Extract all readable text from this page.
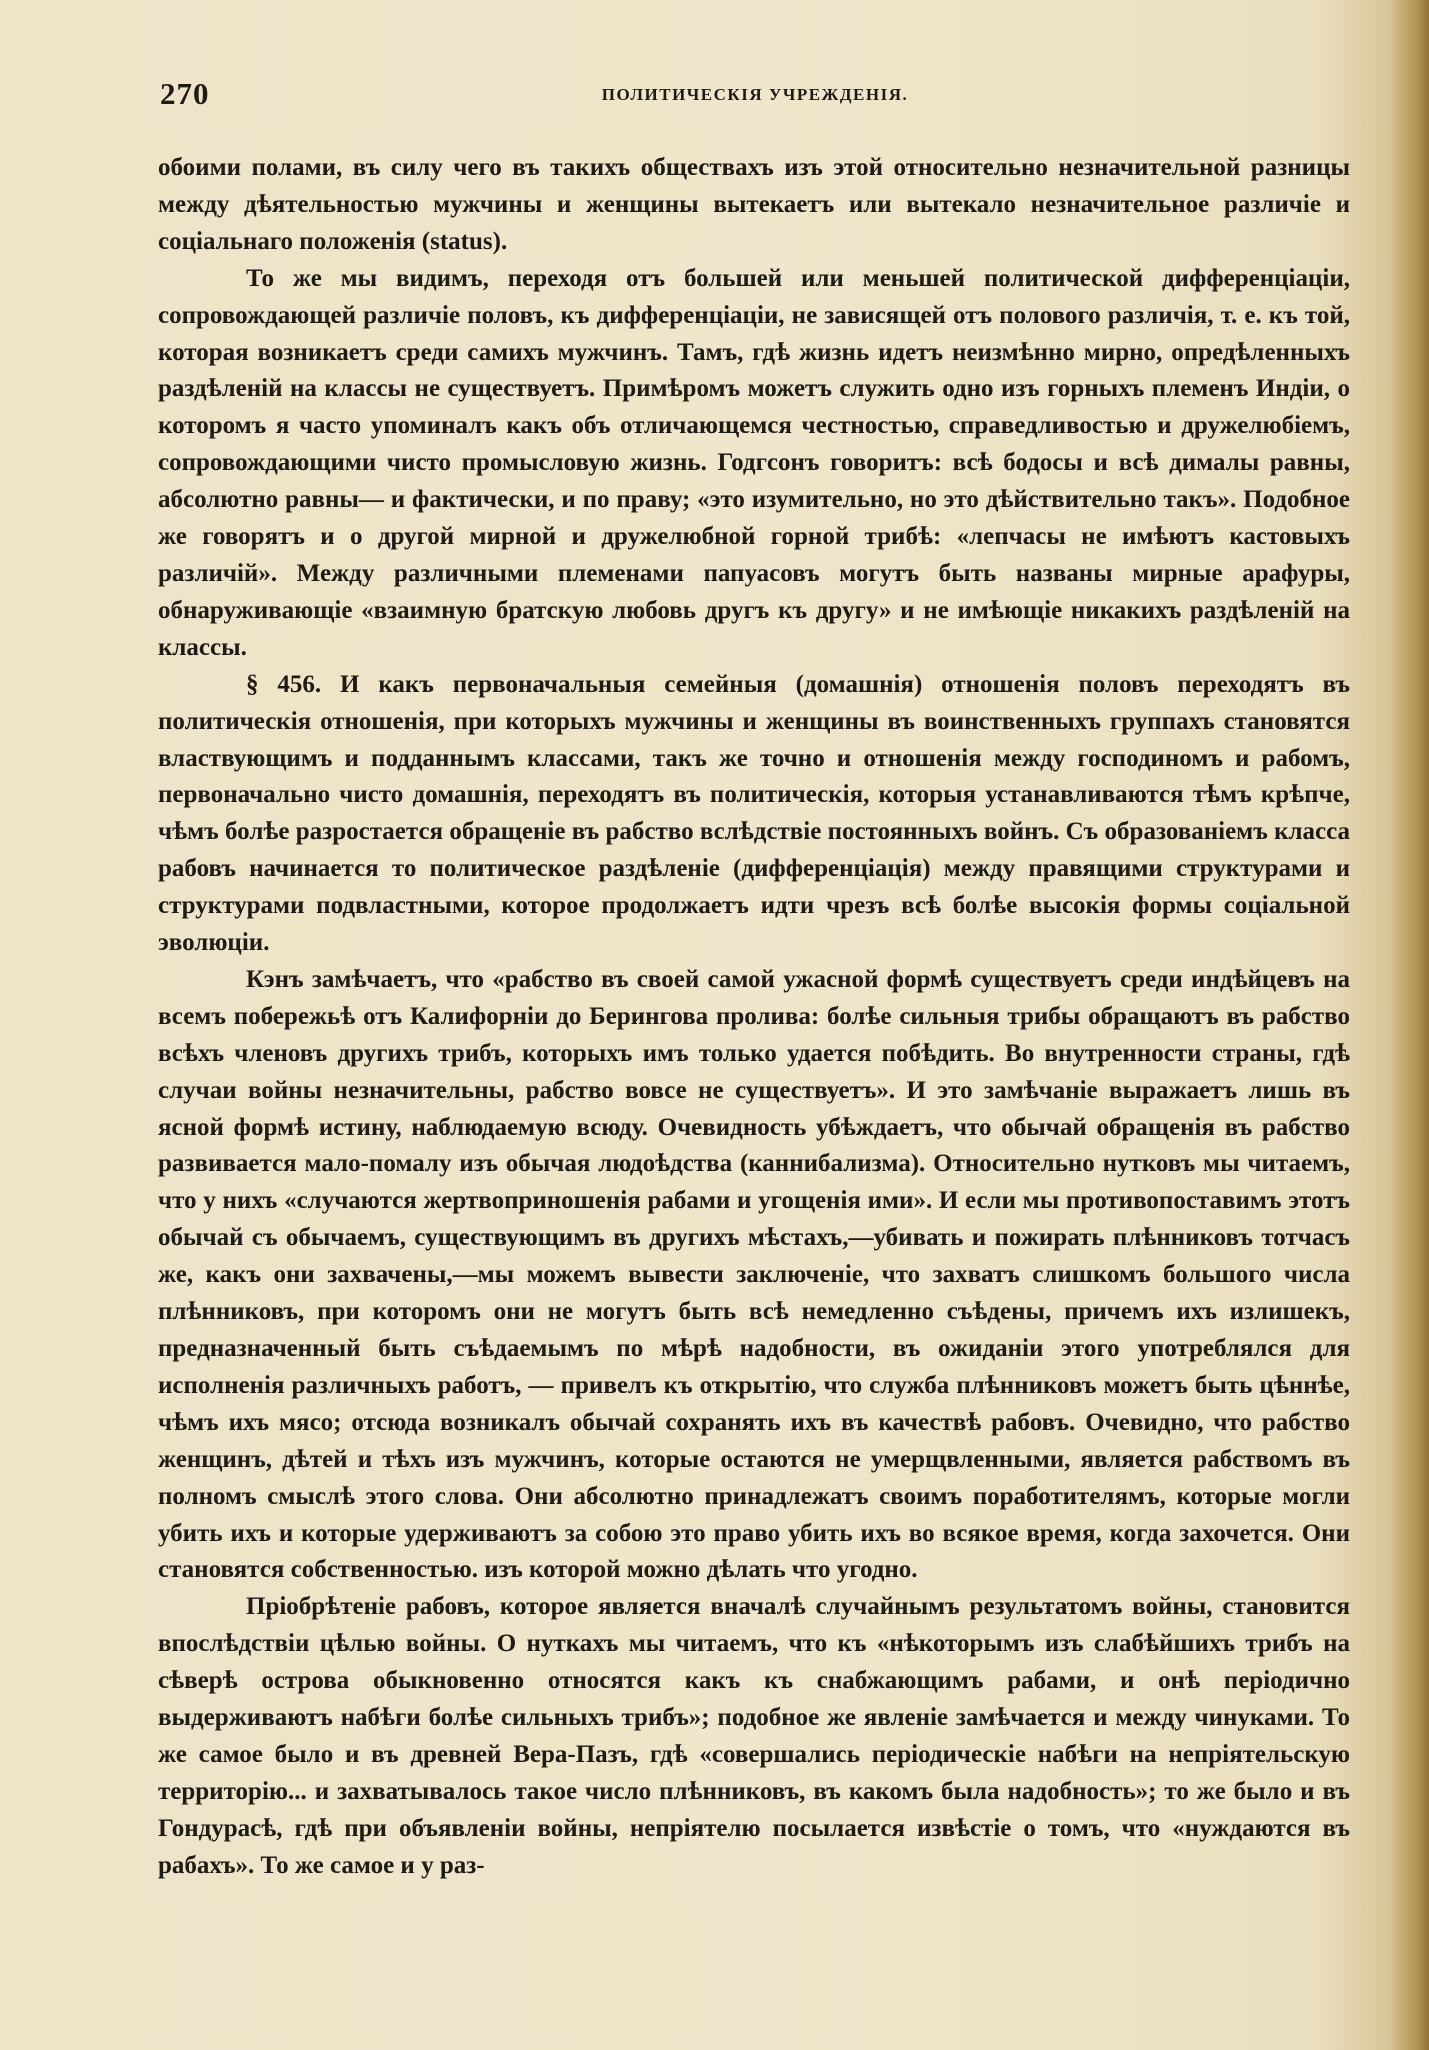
270	ПОЛИТИЧЕСКІЯ УЧРЕЖДЕНІЯ.

обоими полами, въ силу чего въ такихъ обществахъ изъ этой относительно незначительной разницы между дѣятельностью мужчины и женщины вытекаетъ или вытекало незначительное различіе и соціальнаго положенія (status).

То же мы видимъ, переходя отъ большей или меньшей политической дифференціаціи, сопровождающей различіе половъ, къ дифференціаціи, не зависящей отъ полового различія, т. е. къ той, которая возникаетъ среди самихъ мужчинъ. Тамъ, гдѣ жизнь идетъ неизмѣнно мирно, опредѣленныхъ раздѣленій на классы не существуетъ. Примѣромъ можетъ служить одно изъ горныхъ племенъ Индіи, о которомъ я часто упоминалъ какъ объ отличающемся честностью, справедливостью и дружелюбіемъ, сопровождающими чисто промысловую жизнь. Годгсонъ говоритъ: всѣ бодосы и всѣ дималы равны, абсолютно равны— и фактически, и по праву; «это изумительно, но это дѣйствительно такъ». Подобное же говорятъ и о другой мирной и дружелюбной горной трибѣ: «лепчасы не имѣютъ кастовыхъ различій». Между различными племенами папуасовъ могутъ быть названы мирные арафуры, обнаруживающіе «взаимную братскую любовь другъ къ другу» и не имѣющіе никакихъ раздѣленій на классы.

§ 456. И какъ первоначальныя семейныя (домашнія) отношенія половъ переходятъ въ политическія отношенія, при которыхъ мужчины и женщины въ воинственныхъ группахъ становятся властвующимъ и подданнымъ классами, такъ же точно и отношенія между господиномъ и рабомъ, первоначально чисто домашнія, переходятъ въ политическія, которыя устанавливаются тѣмъ крѣпче, чѣмъ болѣе разростается обращеніе въ рабство вслѣдствіе постоянныхъ войнъ. Съ образованіемъ класса рабовъ начинается то политическое раздѣленіе (дифференціація) между правящими структурами и структурами подвластными, которое продолжаетъ идти чрезъ всѣ болѣе высокія формы соціальной эволюціи.

Кэнъ замѣчаетъ, что «рабство въ своей самой ужасной формѣ существуетъ среди индѣйцевъ на всемъ побережьѣ отъ Калифорніи до Берингова пролива: болѣе сильныя трибы обращаютъ въ рабство всѣхъ членовъ другихъ трибъ, которыхъ имъ только удается побѣдить. Во внутренности страны, гдѣ случаи войны незначительны, рабство вовсе не существуетъ». И это замѣчаніе выражаетъ лишь въ ясной формѣ истину, наблюдаемую всюду. Очевидность убѣждаетъ, что обычай обращенія въ рабство развивается мало-помалу изъ обычая людоѣдства (каннибализма). Относительно нутковъ мы читаемъ, что у нихъ «случаются жертвоприношенія рабами и угощенія ими». И если мы противопоставимъ этотъ обычай съ обычаемъ, существующимъ въ другихъ мѣстахъ,—убивать и пожирать плѣнниковъ тотчасъ же, какъ они захвачены,—мы можемъ вывести заключеніе, что захватъ слишкомъ большого числа плѣнниковъ, при которомъ они не могутъ быть всѣ немедленно съѣдены, причемъ ихъ излишекъ, предназначенный быть съѣдаемымъ по мѣрѣ надобности, въ ожиданіи этого употреблялся для исполненія различныхъ работъ, — привелъ къ открытію, что служба плѣнниковъ можетъ быть цѣннѣе, чѣмъ ихъ мясо; отсюда возникалъ обычай сохранять ихъ въ качествѣ рабовъ. Очевидно, что рабство женщинъ, дѣтей и тѣхъ изъ мужчинъ, которые остаются не умерщвленными, является рабствомъ въ полномъ смыслѣ этого слова. Они абсолютно принадлежатъ своимъ поработителямъ, которые могли убить ихъ и которые удерживаютъ за собою это право убить ихъ во всякое время, когда захочется. Они становятся собственностью. изъ которой можно дѣлать что угодно.

Пріобрѣтеніе рабовъ, которое является вначалѣ случайнымъ результатомъ войны, становится впослѣдствіи цѣлью войны. О нуткахъ мы читаемъ, что къ «нѣкоторымъ изъ слабѣйшихъ трибъ на сѣверѣ острова обыкновенно относятся какъ къ снабжающимъ рабами, и онѣ періодично выдерживаютъ набѣги болѣе сильныхъ трибъ»; подобное же явленіе замѣчается и между чинуками. То же самое было и въ древней Вера-Пазъ, гдѣ «совершались періодическіе набѣги на непріятельскую территорію... и захватывалось такое число плѣнниковъ, въ какомъ была надобность»; то же было и въ Гондурасѣ, гдѣ при объявленіи войны, непріятелю посылается извѣстіе о томъ, что «нуждаются въ рабахъ». То же самое и у раз-
